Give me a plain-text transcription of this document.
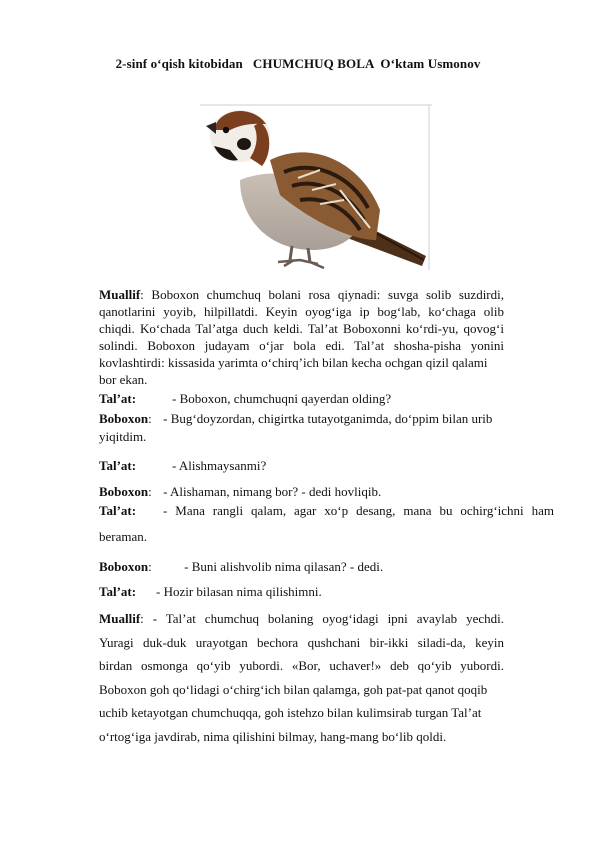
2-sinf o‘qish kitobidan   CHUMCHUQ BOLA  O‘ktam Usmonov
Muallif: Boboxon chumchuq bolani rosa qiynadi: suvga solib suzdirdi,
qanotlarini yoyib, hilpillatdi. Keyin oyog‘iga ip bog‘lab, ko‘chaga olib
chiqdi. Ko‘chada Tal’atga duch keldi. Tal’at Boboxonni ko‘rdi-yu, qovog‘i
solindi. Boboxon judayam o‘jar bola edi. Tal’at shosha-pisha yonini
kovlashtirdi: kissasida yarimta o‘chirq’ich bilan kecha ochgan qizil qalami
bor ekan.
Tal’at:	- Boboxon, chumchuqni qayerdan olding?
Boboxon: - Bug‘doyzordan, chigirtka tutayotganimda, do‘ppim bilan urib
yiqitdim.
Tal’at:	- Alishmaysanmi?
Boboxon: - Alishaman, nimang bor? - dedi hovliqib.
Tal’at: - Mana rangli qalam, agar xo‘p desang, mana bu ochirg‘ichni ham
beraman.
Boboxon: - Buni alishvolib nima qilasan? - dedi.
Tal’at: - Hozir bilasan nima qilishimni.
Muallif: - Tal’at chumchuq bolaning oyog‘idagi ipni avaylab yechdi.
Yuragi duk-duk urayotgan bechora qushchani bir-ikki siladi-da, keyin
birdan osmonga qo‘yib yubordi. «Bor, uchaver!» deb qo‘yib yubordi.
Boboxon goh qo‘lidagi o‘chirg‘ich bilan qalamga, goh pat-pat qanot qoqib
uchib ketayotgan chumchuqqa, goh istehzo bilan kulimsirab turgan Tal’at
o‘rtog‘iga javdirab, nima qilishini bilmay, hang-mang bo‘lib qoldi.
